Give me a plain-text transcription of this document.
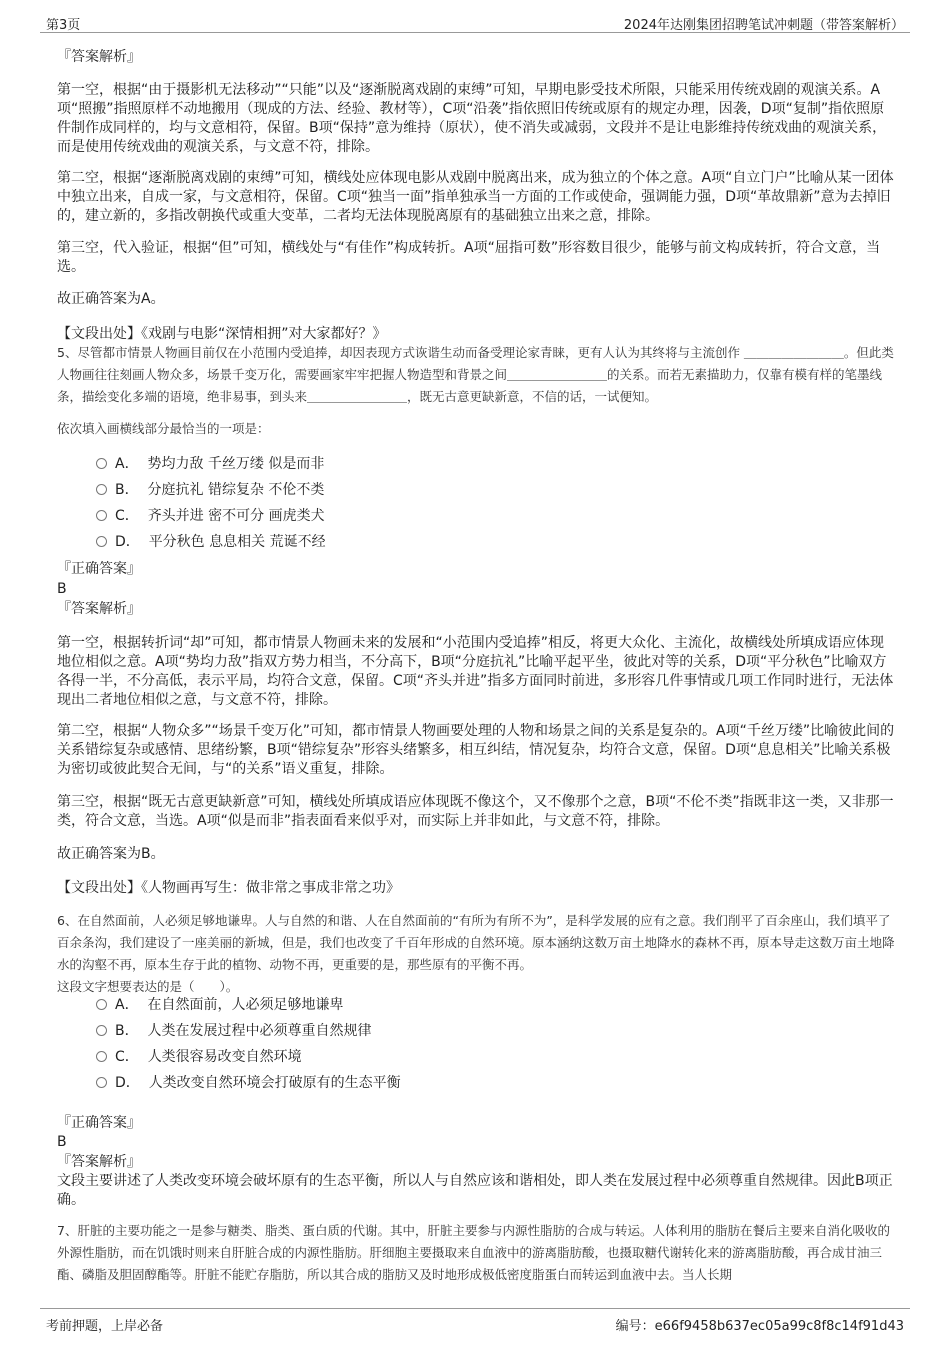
第3页	2024年达刚集团招聘笔试冲刺题（带答案解析）
『答案解析』
第一空，根据“由于摄影机无法移动”“只能”以及“逐渐脱离戏剧的束缚”可知，早期电影受技术所限，只能采用传统戏剧的观演关系。A项“照搬”指照原样不动地搬用（现成的方法、经验、教材等），C项“沿袭”指依照旧传统或原有的规定办理，因袭，D项“复制”指依照原件制作成同样的，均与文意相符，保留。B项“保持”意为维持（原状），使不消失或减弱，文段并不是让电影维持传统戏曲的观演关系，而是使用传统戏曲的观演关系，与文意不符，排除。
第二空，根据“逐渐脱离戏剧的束缚”可知，横线处应体现电影从戏剧中脱离出来，成为独立的个体之意。A项“自立门户”比喻从某一团体中独立出来，自成一家，与文意相符，保留。C项“独当一面”指单独承当一方面的工作或使命，强调能力强，D项“革故鼎新”意为去掉旧的，建立新的，多指改朝换代或重大变革，二者均无法体现脱离原有的基础独立出来之意，排除。
第三空，代入验证，根据“但”可知，横线处与“有佳作”构成转折。A项“屈指可数”形容数目很少，能够与前文构成转折，符合文意，当选。
故正确答案为A。
【文段出处】《戏剧与电影“深情相拥”对大家都好？》
5、尽管都市情景人物画目前仅在小范围内受追捧，却因表现方式诙谐生动而备受理论家青睐，更有人认为其终将与主流创作 ＿＿＿＿＿＿＿＿。但此类人物画往往刻画人物众多，场景千变万化，需要画家牢牢把握人物造型和背景之间＿＿＿＿＿＿＿＿的关系。而若无素描助力，仅靠有模有样的笔墨线条，描绘变化多端的语境，绝非易事，到头来＿＿＿＿＿＿＿＿，既无古意更缺新意，不信的话，一试便知。
依次填入画横线部分最恰当的一项是：
A． 势均力敌 千丝万缕 似是而非
B． 分庭抗礼 错综复杂 不伦不类
C． 齐头并进 密不可分 画虎类犬
D． 平分秋色 息息相关 荒诞不经
『正确答案』
B
『答案解析』
第一空，根据转折词“却”可知，都市情景人物画未来的发展和“小范围内受追捧”相反，将更大众化、主流化，故横线处所填成语应体现地位相似之意。A项“势均力敌”指双方势力相当，不分高下，B项“分庭抗礼”比喻平起平坐，彼此对等的关系，D项“平分秋色”比喻双方各得一半，不分高低，表示平局，均符合文意，保留。C项“齐头并进”指多方面同时前进，多形容几件事情或几项工作同时进行，无法体现出二者地位相似之意，与文意不符，排除。
第二空，根据“人物众多”“场景千变万化”可知，都市情景人物画要处理的人物和场景之间的关系是复杂的。A项“千丝万缕”比喻彼此间的关系错综复杂或感情、思绪纷繁，B项“错综复杂”形容头绪繁多，相互纠结，情况复杂，均符合文意，保留。D项“息息相关”比喻关系极为密切或彼此契合无间，与“的关系”语义重复，排除。
第三空，根据“既无古意更缺新意”可知，横线处所填成语应体现既不像这个，又不像那个之意，B项“不伦不类”指既非这一类，又非那一类，符合文意，当选。A项“似是而非”指表面看来似乎对，而实际上并非如此，与文意不符，排除。
故正确答案为B。
【文段出处】《人物画再写生：做非常之事成非常之功》
6、在自然面前，人必须足够地谦卑。人与自然的和谐、人在自然面前的“有所为有所不为”，是科学发展的应有之意。我们削平了百余座山，我们填平了百余条沟，我们建设了一座美丽的新城，但是，我们也改变了千百年形成的自然环境。原本涵纳这数万亩土地降水的森林不再，原本导走这数万亩土地降水的沟壑不再，原本生存于此的植物、动物不再，更重要的是，那些原有的平衡不再。
这段文字想要表达的是（　　）。
A． 在自然面前，人必须足够地谦卑
B． 人类在发展过程中必须尊重自然规律
C． 人类很容易改变自然环境
D． 人类改变自然环境会打破原有的生态平衡
『正确答案』
B
『答案解析』
文段主要讲述了人类改变环境会破坏原有的生态平衡，所以人与自然应该和谐相处，即人类在发展过程中必须尊重自然规律。因此B项正确。
7、肝脏的主要功能之一是参与糖类、脂类、蛋白质的代谢。其中，肝脏主要参与内源性脂肪的合成与转运。人体利用的脂肪在餐后主要来自消化吸收的外源性脂肪，而在饥饿时则来自肝脏合成的内源性脂肪。肝细胞主要摄取来自血液中的游离脂肪酸，也摄取糖代谢转化来的游离脂肪酸，再合成甘油三酯、磷脂及胆固醇酯等。肝脏不能贮存脂肪，所以其合成的脂肪又及时地形成极低密度脂蛋白而转运到血液中去。当人长期
考前押题，上岸必备	编号：e66f9458b637ec05a99c8f8c14f91d43
